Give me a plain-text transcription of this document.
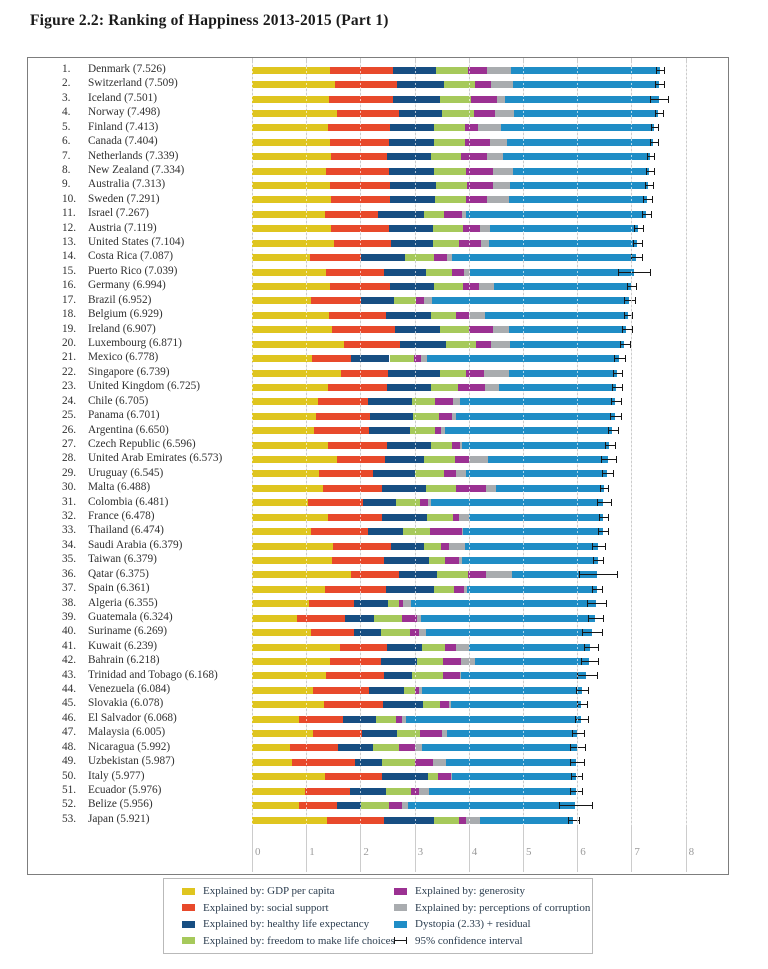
Figure 2.2: Ranking of Happiness 2013-2015 (Part 1)
1. Denmark (7.526)
2. Switzerland (7.509)
3. Iceland (7.501)
4. Norway (7.498)
5. Finland (7.413)
6. Canada (7.404)
7. Netherlands (7.339)
8. New Zealand (7.334)
9. Australia (7.313)
10. Sweden (7.291)
11. Israel (7.267)
12. Austria (7.119)
13. United States (7.104)
14. Costa Rica (7.087)
15. Puerto Rico (7.039)
16. Germany (6.994)
17. Brazil (6.952)
18. Belgium (6.929)
19. Ireland (6.907)
20. Luxembourg (6.871)
21. Mexico (6.778)
22. Singapore (6.739)
23. United Kingdom (6.725)
24. Chile (6.705)
25. Panama (6.701)
26. Argentina (6.650)
27. Czech Republic (6.596)
28. United Arab Emirates (6.573)
29. Uruguay (6.545)
30. Malta (6.488)
31. Colombia (6.481)
32. France (6.478)
33. Thailand (6.474)
34. Saudi Arabia (6.379)
35. Taiwan (6.379)
36. Qatar (6.375)
37. Spain (6.361)
38. Algeria (6.355)
39. Guatemala (6.324)
40. Suriname (6.269)
41. Kuwait (6.239)
42. Bahrain (6.218)
43. Trinidad and Tobago (6.168)
44. Venezuela (6.084)
45. Slovakia (6.078)
46. El Salvador (6.068)
47. Malaysia (6.005)
48. Nicaragua (5.992)
49. Uzbekistan (5.987)
50. Italy (5.977)
51. Ecuador (5.976)
52. Belize (5.956)
53. Japan (5.921)
0	1	2	3	4	5	6	7	8
Explained by: GDP per capita
Explained by: social support
Explained by: healthy life expectancy
Explained by: freedom to make life choices
Explained by: generosity
Explained by: perceptions of corruption
Dystopia (2.33) + residual
95% confidence interval
